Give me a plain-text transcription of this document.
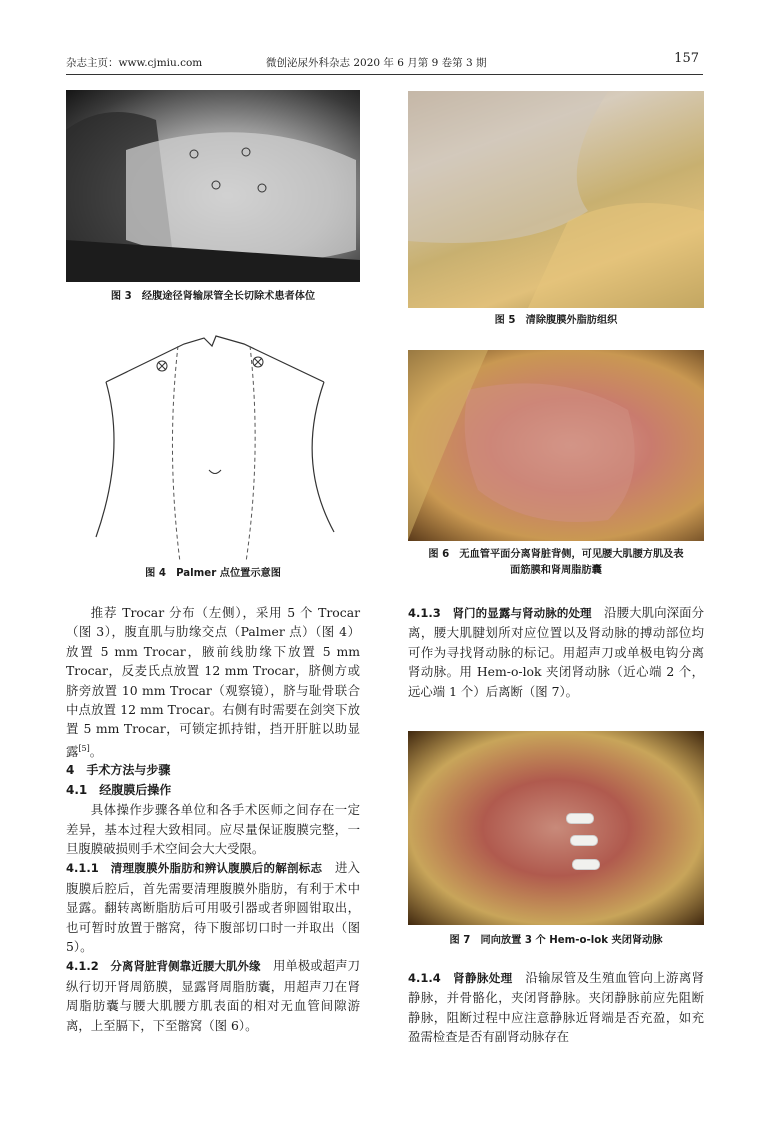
杂志主页：www.cjmiu.com	微创泌尿外科杂志 2020 年 6 月第 9 卷第 3 期	157
图 3　经腹途径肾输尿管全长切除术患者体位
图 4　Palmer 点位置示意图

推荐 Trocar 分布（左侧），采用 5 个 Trocar（图 3），腹直肌与肋缘交点（Palmer 点）（图 4）放置 5 mm Trocar，腋前线肋缘下放置 5 mm Trocar，反麦氏点放置 12 mm Trocar，脐侧方或脐旁放置 10 mm Trocar（观察镜），脐与耻骨联合中点放置 12 mm Trocar。右侧有时需要在剑突下放置 5 mm Trocar，可锁定抓持钳，挡开肝脏以助显露[5]。

4　手术方法与步骤

4.1　经腹膜后操作

具体操作步骤各单位和各手术医师之间存在一定差异，基本过程大致相同。应尽量保证腹膜完整，一旦腹膜破损则手术空间会大大受限。

4.1.1　清理腹膜外脂肪和辨认腹膜后的解剖标志　进入腹膜后腔后，首先需要清理腹膜外脂肪，有利于术中显露。翻转离断脂肪后可用吸引器或者卵圆钳取出，也可暂时放置于髂窝，待下腹部切口时一并取出（图 5）。

4.1.2　分离肾脏背侧靠近腰大肌外缘　用单极或超声刀纵行切开肾周筋膜，显露肾周脂肪囊，用超声刀在肾周脂肪囊与腰大肌腰方肌表面的相对无血管间隙游离，上至膈下，下至髂窝（图 6）。

图 5　清除腹膜外脂肪组织
图 6　无血管平面分离肾脏背侧，可见腰大肌腰方肌及表
面筋膜和肾周脂肪囊

4.1.3　肾门的显露与肾动脉的处理　沿腰大肌向深面分离，腰大肌腱划所对应位置以及肾动脉的搏动部位均可作为寻找肾动脉的标记。用超声刀或单极电钩分离肾动脉。用 Hem-o-lok 夹闭肾动脉（近心端 2 个，远心端 1 个）后离断（图 7）。

图 7　同向放置 3 个 Hem-o-lok 夹闭肾动脉

4.1.4　肾静脉处理　沿输尿管及生殖血管向上游离肾静脉，并骨骼化，夹闭肾静脉。夹闭静脉前应先阻断静脉，阻断过程中应注意静脉近肾端是否充盈，如充盈需检查是否有副肾动脉存在
